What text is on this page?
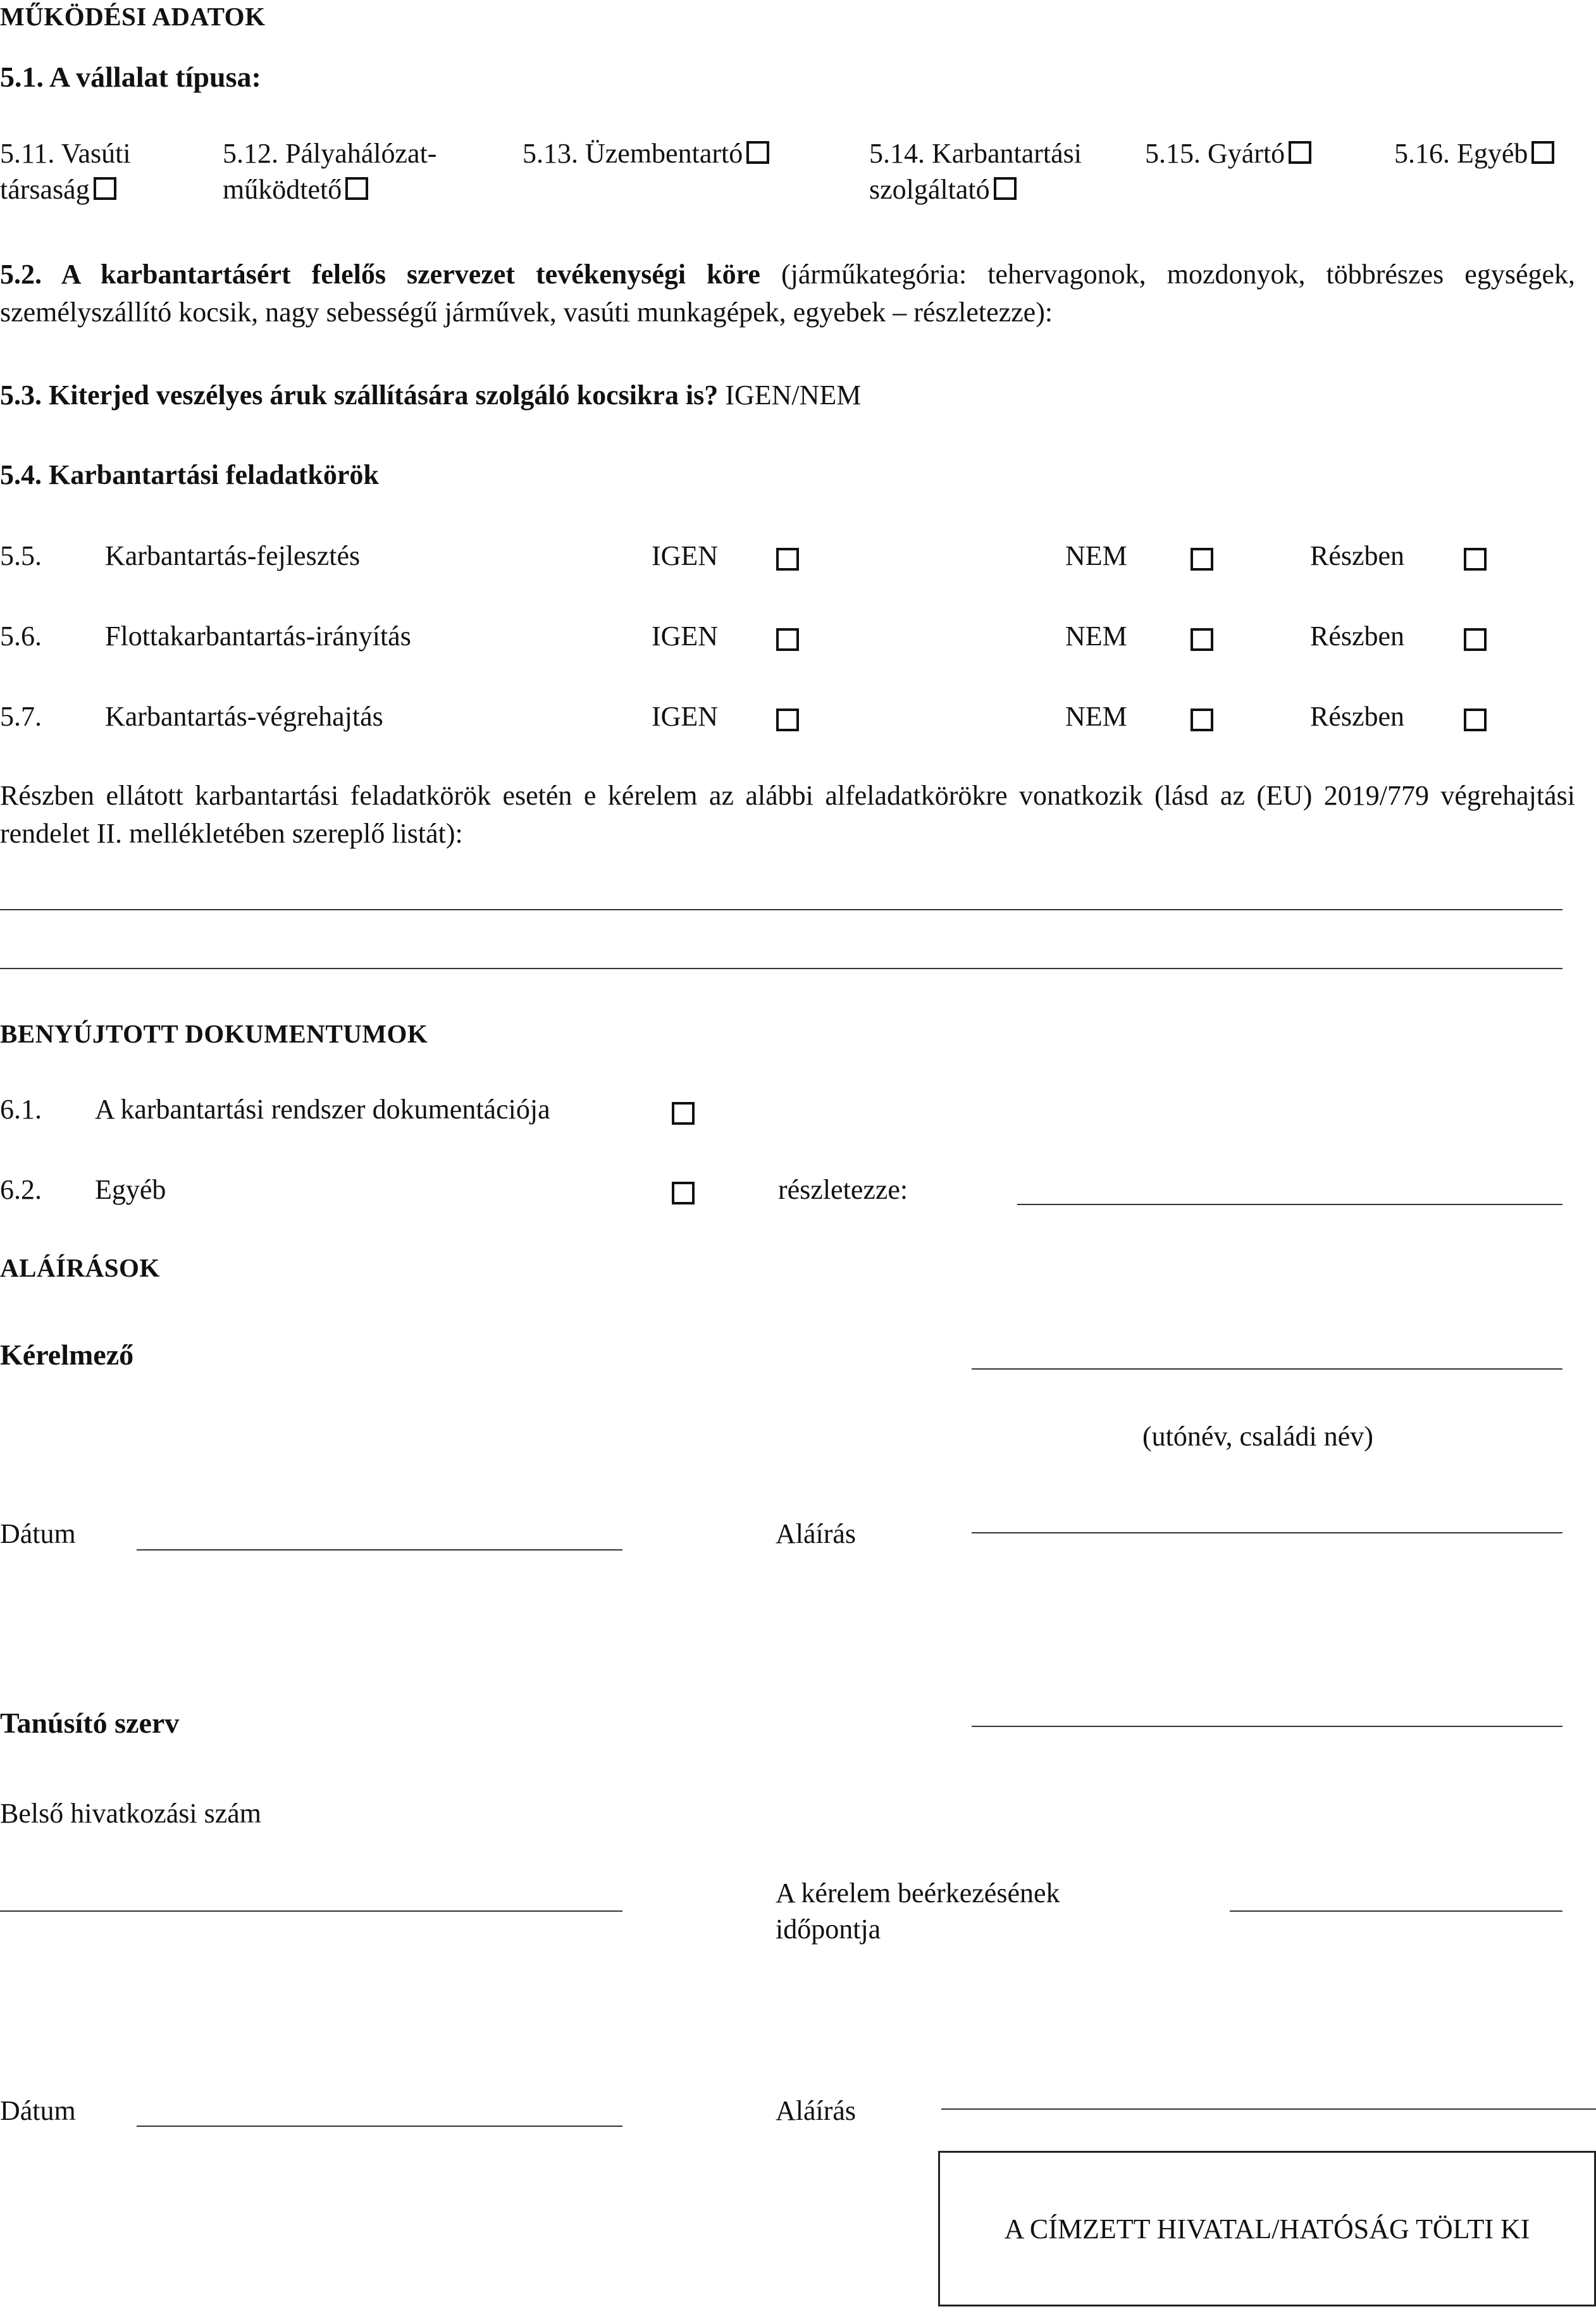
MŰKÖDÉSI ADATOK
5.1. A vállalat típusa:
5.11. Vasúti
társaság
5.12. Pályahálózat-
működtető
5.13. Üzembentartó	5.14. Karbantartási
szolgáltató
5.15. Gyártó	5.16. Egyéb
5.2. A karbantartásért felelős szervezet tevékenységi köre (járműkategória: tehervagonok, mozdonyok, többrészes egységek, személyszállító kocsik, nagy sebességű járművek, vasúti munkagépek, egyebek – részletezze):
5.3. Kiterjed veszélyes áruk szállítására szolgáló kocsikra is? IGEN/NEM
5.4. Karbantartási feladatkörök
5.5. Karbantartás-fejlesztés	IGEN	NEM	Részben
5.6. Flottakarbantartás-irányítás	IGEN	NEM	Részben
5.7. Karbantartás-végrehajtás	IGEN	NEM	Részben
Részben ellátott karbantartási feladatkörök esetén e kérelem az alábbi alfeladatkörökre vonatkozik (lásd az (EU) 2019/779 végrehajtási rendelet II. mellékletében szereplő listát):
BENYÚJTOTT DOKUMENTUMOK
6.1. A karbantartási rendszer dokumentációja
6.2. Egyéb	részletezze:
ALÁÍRÁSOK
Kérelmező
(utónév, családi név)
Dátum	Aláírás
Tanúsító szerv
Belső hivatkozási szám
A kérelem beérkezésének
időpontja
Dátum	Aláírás
A CÍMZETT HIVATAL/HATÓSÁG TÖLTI KI
